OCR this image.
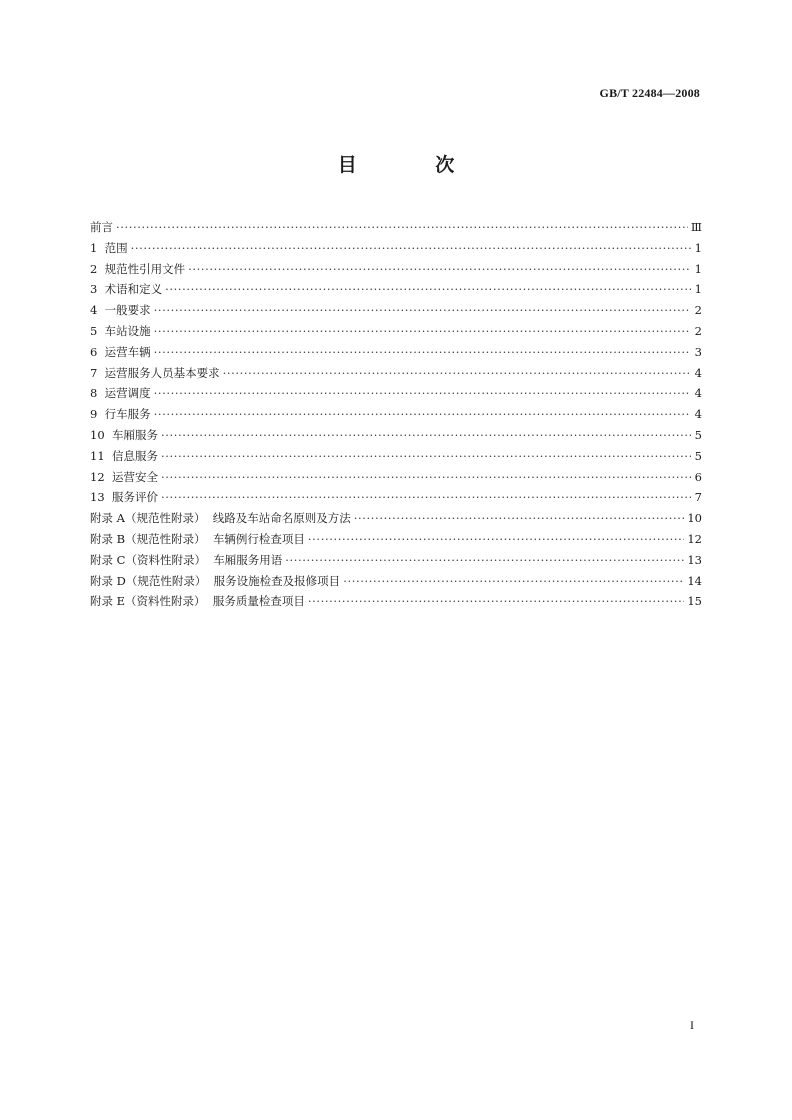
GB/T 22484—2008
目 次
前言 ·····	Ⅲ
1  范围 ·····	1
2  规范性引用文件 ·····	1
3  术语和定义 ·····	1
4  一般要求 ·····	2
5  车站设施 ·····	2
6  运营车辆 ·····	3
7  运营服务人员基本要求 ·····	4
8  运营调度 ·····	4
9  行车服务 ·····	4
10  车厢服务 ·····	5
11  信息服务 ·····	5
12  运营安全 ·····	6
13  服务评价 ·····	7
附录 A（规范性附录）  线路及车站命名原则及方法 ·····	10
附录 B（规范性附录）  车辆例行检查项目 ·····	12
附录 C（资料性附录）  车厢服务用语 ·····	13
附录 D（规范性附录）  服务设施检查及报修项目 ·····	14
附录 E（资料性附录）  服务质量检查项目 ·····	15
I
